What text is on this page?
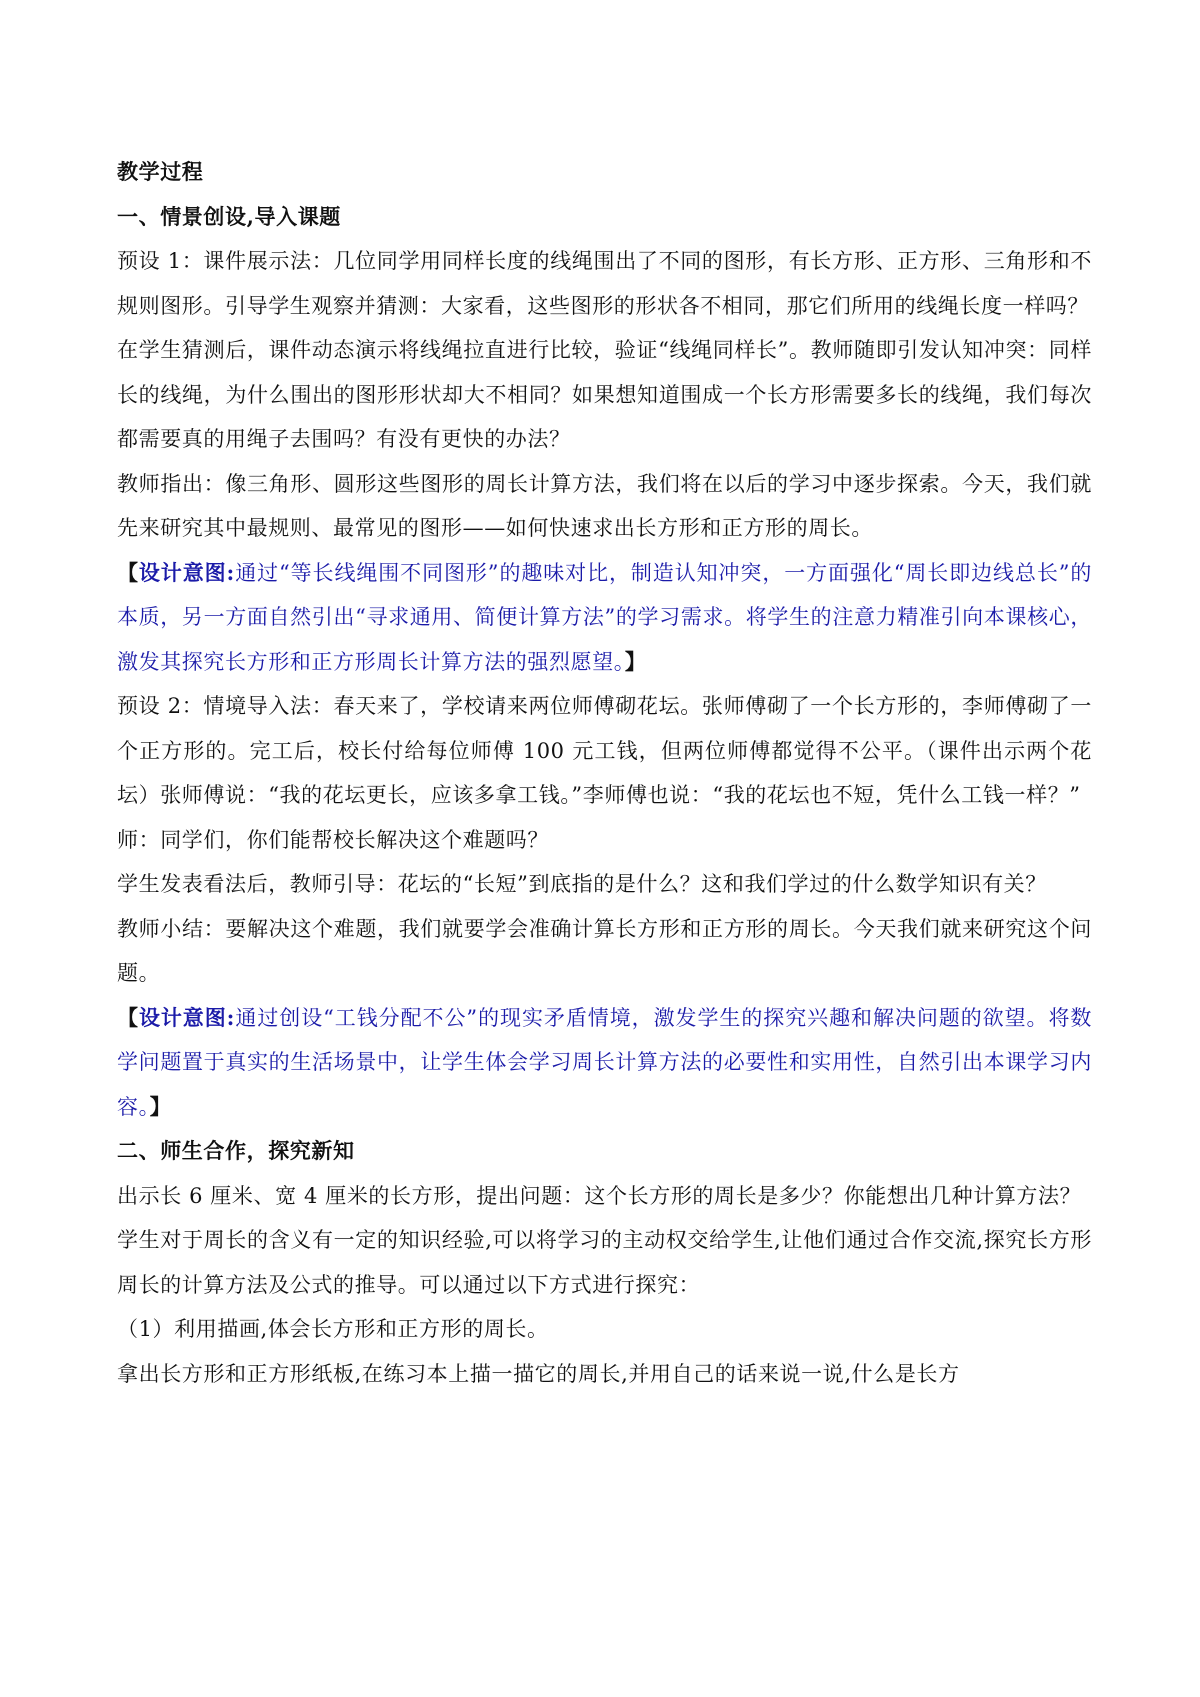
教学过程

一、情景创设,导入课题

预设 1：课件展示法：几位同学用同样长度的线绳围出了不同的图形，有长方形、正方形、三角形和不规则图形。引导学生观察并猜测：大家看，这些图形的形状各不相同，那它们所用的线绳长度一样吗？

在学生猜测后，课件动态演示将线绳拉直进行比较，验证“线绳同样长”。教师随即引发认知冲突：同样长的线绳，为什么围出的图形形状却大不相同？如果想知道围成一个长方形需要多长的线绳，我们每次都需要真的用绳子去围吗？有没有更快的办法？

教师指出：像三角形、圆形这些图形的周长计算方法，我们将在以后的学习中逐步探索。今天，我们就先来研究其中最规则、最常见的图形——如何快速求出长方形和正方形的周长。

【设计意图:通过“等长线绳围不同图形”的趣味对比，制造认知冲突，一方面强化“周长即边线总长”的本质，另一方面自然引出“寻求通用、简便计算方法”的学习需求。将学生的注意力精准引向本课核心，激发其探究长方形和正方形周长计算方法的强烈愿望。】

预设 2：情境导入法：春天来了，学校请来两位师傅砌花坛。张师傅砌了一个长方形的，李师傅砌了一个正方形的。完工后，校长付给每位师傅 100 元工钱，但两位师傅都觉得不公平。（课件出示两个花坛）张师傅说：“我的花坛更长，应该多拿工钱。”李师傅也说：“我的花坛也不短，凭什么工钱一样？”

师：同学们，你们能帮校长解决这个难题吗？

学生发表看法后，教师引导：花坛的“长短”到底指的是什么？这和我们学过的什么数学知识有关？

教师小结：要解决这个难题，我们就要学会准确计算长方形和正方形的周长。今天我们就来研究这个问题。

【设计意图:通过创设“工钱分配不公”的现实矛盾情境，激发学生的探究兴趣和解决问题的欲望。将数学问题置于真实的生活场景中，让学生体会学习周长计算方法的必要性和实用性，自然引出本课学习内容。】

二、师生合作，探究新知

出示长 6 厘米、宽 4 厘米的长方形，提出问题：这个长方形的周长是多少？你能想出几种计算方法？

学生对于周长的含义有一定的知识经验,可以将学习的主动权交给学生,让他们通过合作交流,探究长方形周长的计算方法及公式的推导。可以通过以下方式进行探究：

（1）利用描画,体会长方形和正方形的周长。

拿出长方形和正方形纸板,在练习本上描一描它的周长,并用自己的话来说一说,什么是长方
